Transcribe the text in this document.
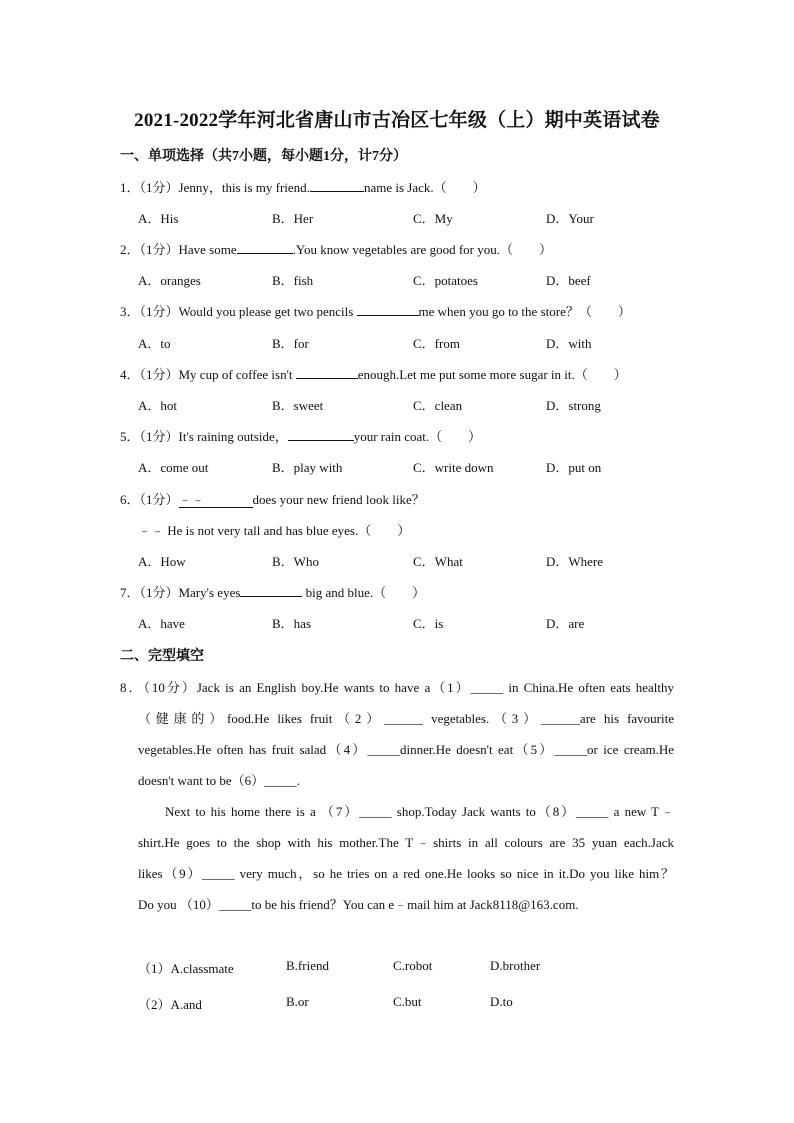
2021-2022学年河北省唐山市古冶区七年级（上）期中英语试卷
一、单项选择（共7小题，每小题1分，计7分）
1．（1分）Jenny，this is my friend.	name is Jack.（　　）
A．His	B．Her	C．My	D．Your
2．（1分）Have some	.You know vegetables are good for you.（　　）
A．oranges	B．fish	C．potatoes	D．beef
3．（1分）Would you please get two pencils	me when you go to the store？（　　）
A．to	B．for	C．from	D．with
4．（1分）My cup of coffee isn't	enough.Let me put some more sugar in it.（　　）
A．hot	B．sweet	C．clean	D．strong
5．（1分）It's raining outside，	your rain coat.（　　）
A．come out	B．play with	C．write down	D．put on
6．（1分）﹣﹣	does your new friend look like？
﹣﹣ He is not very tall and has blue eyes.（　　）
A．How	B．Who	C．What	D．Where
7．（1分）Mary's eyes	big and blue.（　　）
A．have	B．has	C．is	D．are
二、完型填空
8．（10分）Jack is an English boy.He wants to have a（1）_____ in China.He often eats healthy
（健康的）food.He likes fruit（2）______ vegetables.（3）______are his favourite
vegetables.He often has fruit salad（4）_____dinner.He doesn't eat（5）_____or ice cream.He
doesn't want to be（6）_____.
Next to his home there is a （7）_____ shop.Today Jack wants to（8）_____ a new T﹣
shirt.He goes to the shop with his mother.The T﹣shirts in all colours are 35 yuan each.Jack
likes（9）_____ very much，so he tries on a red one.He looks so nice in it.Do you like him？
Do you （10）_____to be his friend？You can e﹣mail him at Jack8118@163.com.
（1）A.classmate	B.friend	C.robot	D.brother
（2）A.and	B.or	C.but	D.to
